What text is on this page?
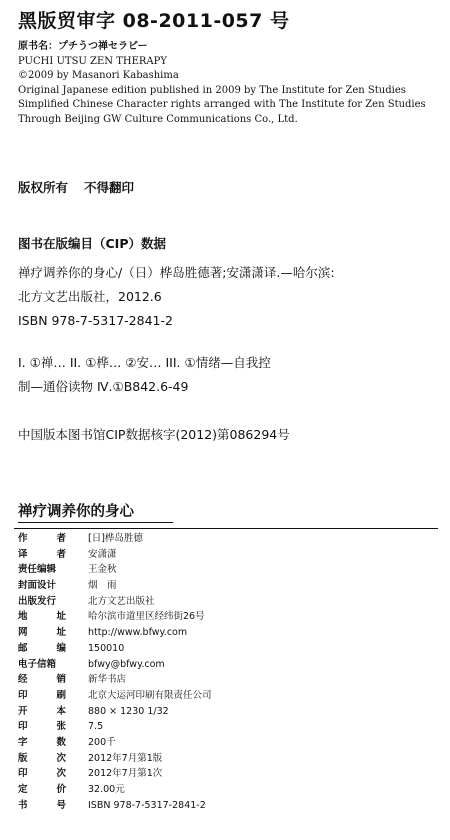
黑版贸审字 08-2011-057 号
原书名：プチうつ禅セラピー
PUCHI UTSU ZEN THERAPY
©2009 by Masanori Kabashima
Original Japanese edition published in 2009 by The Institute for Zen Studies
Simplified Chinese Character rights arranged with The Institute for Zen Studies
Through Beijing GW Culture Communications Co., Ltd.
版权所有 不得翻印
图书在版编目（CIP）数据
禅疗调养你的身心/（日）桦岛胜德著;安潇潇译.—哈尔滨:
北方文艺出版社，2012.6
ISBN 978-7-5317-2841-2
I. ①禅… II. ①桦… ②安… III. ①情绪—自我控
制—通俗读物 Ⅳ.①B842.6-49
中国版本图书馆CIP数据核字(2012)第086294号
禅疗调养你的身心
作	者 [日]桦岛胜德
译	者 安潇潇
责任编辑	王金秋
封面设计	烟　雨
出版发行	北方文艺出版社
地	址 哈尔滨市道里区经纬街26号
网	址 http://www.bfwy.com
邮	编 150010
电子信箱	bfwy@bfwy.com
经	销 新华书店
印	刷 北京大运河印刷有限责任公司
开	本 880 × 1230 1/32
印	张 7.5
字	数 200千
版	次 2012年7月第1版
印	次 2012年7月第1次
定	价 32.00元
书	号 ISBN 978-7-5317-2841-2
